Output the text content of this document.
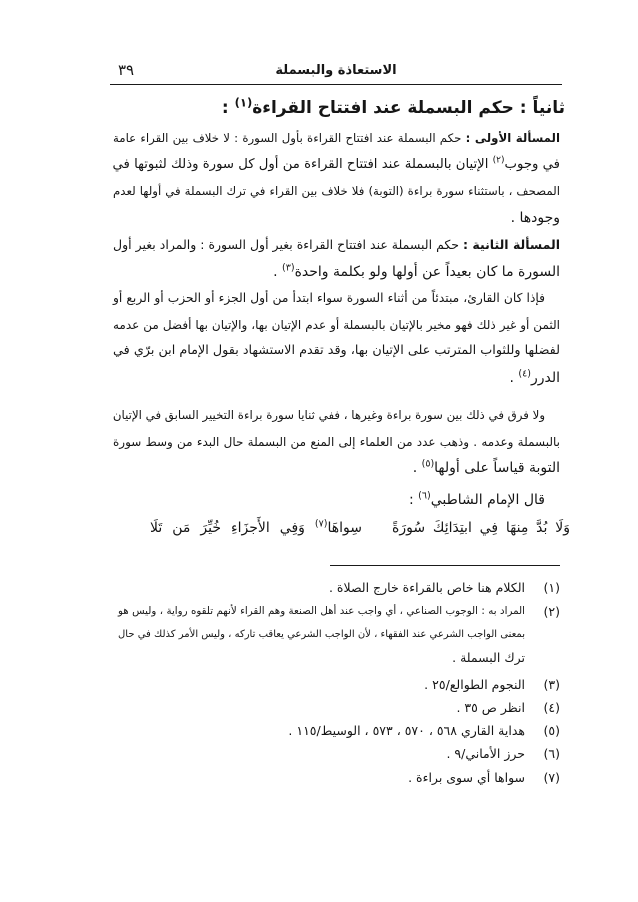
الاستعاذة والبسملة
٣٩
ثانياً : حكم البسملة عند افتتاح القراءة$^{(١)}$ :
المسألة الأولى : حكم البسملة عند افتتاح القراءة بأول السورة : لا خلاف بين القراء عامة
في وجوب$^{(٢)}$ الإتيان بالبسملة عند افتتاح القراءة من أول كل سورة وذلك لثبوتها في
المصحف ، باستثناء سورة براءة (التوبة) فلا خلاف بين القراء في ترك البسملة في أولها لعدم
وجودها .
المسألة الثانية : حكم البسملة عند افتتاح القراءة بغير أول السورة : والمراد بغير أول
السورة ما كان بعيداً عن أولها ولو بكلمة واحدة$^{(٣)}$ .
فإذا كان القارئ، مبتدئاً من أثناء السورة سواء ابتدأ من أول الجزء أو الحزب أو الربع أو
الثمن أو غير ذلك فهو مخير بالإتيان بالبسملة أو عدم الإتيان بها، والإتيان بها أفضل من عدمه
لفضلها وللثواب المترتب على الإتيان بها، وقد تقدم الاستشهاد بقول الإمام ابن برّي في
الدرر$^{(٤)}$ .
ولا فرق في ذلك بين سورة براءة وغيرها ، ففي ثنايا سورة براءة التخيير السابق في الإتيان
بالبسملة وعدمه . وذهب عدد من العلماء إلى المنع من البسملة حال البدء من وسط سورة
التوبة قياساً على أولها$^{(٥)}$ .
قال الإمام الشاطبي$^{(٦)}$ :
وَلَا بُدَّ مِنهَا فِي ابتِدَائِكَ سُورَةً
سِواهَا$^{(٧)}$ وَفِي الأَجزَاءِ خُيِّرَ مَن تَلَا
(١)
الكلام هنا خاص بالقراءة خارج الصلاة .
(٢)
المراد به : الوجوب الصناعي ، أي واجب عند أهل الصنعة وهم القراء لأنهم تلقوه رواية ، وليس هو
بمعنى الواجب الشرعي عند الفقهاء ، لأن الواجب الشرعي يعاقب تاركه ، وليس الأمر كذلك في حال
ترك البسملة .
(٣)
النجوم الطوالع/٢٥ .
(٤)
انظر ص ٣٥ .
(٥)
هداية القاري ٥٦٨ ، ٥٧٠ ، ٥٧٣ ، الوسيط/١١٥ .
(٦)
حرز الأماني/٩ .
(٧)
سواها أي سوى براءة .
